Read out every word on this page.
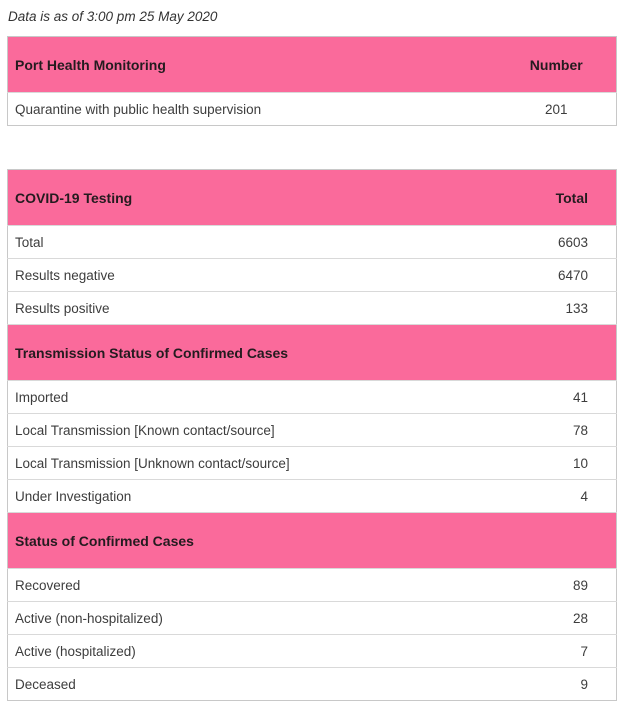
Data is as of 3:00 pm 25 May 2020
Port Health Monitoring	Number
Quarantine with public health supervision	201
COVID-19 Testing	Total
Total	6603
Results negative	6470
Results positive	133
Transmission Status of Confirmed Cases	
Imported	41
Local Transmission [Known contact/source]	78
Local Transmission [Unknown contact/source]	10
Under Investigation	4
Status of Confirmed Cases	
Recovered	89
Active (non-hospitalized)	28
Active (hospitalized)	7
Deceased	9
